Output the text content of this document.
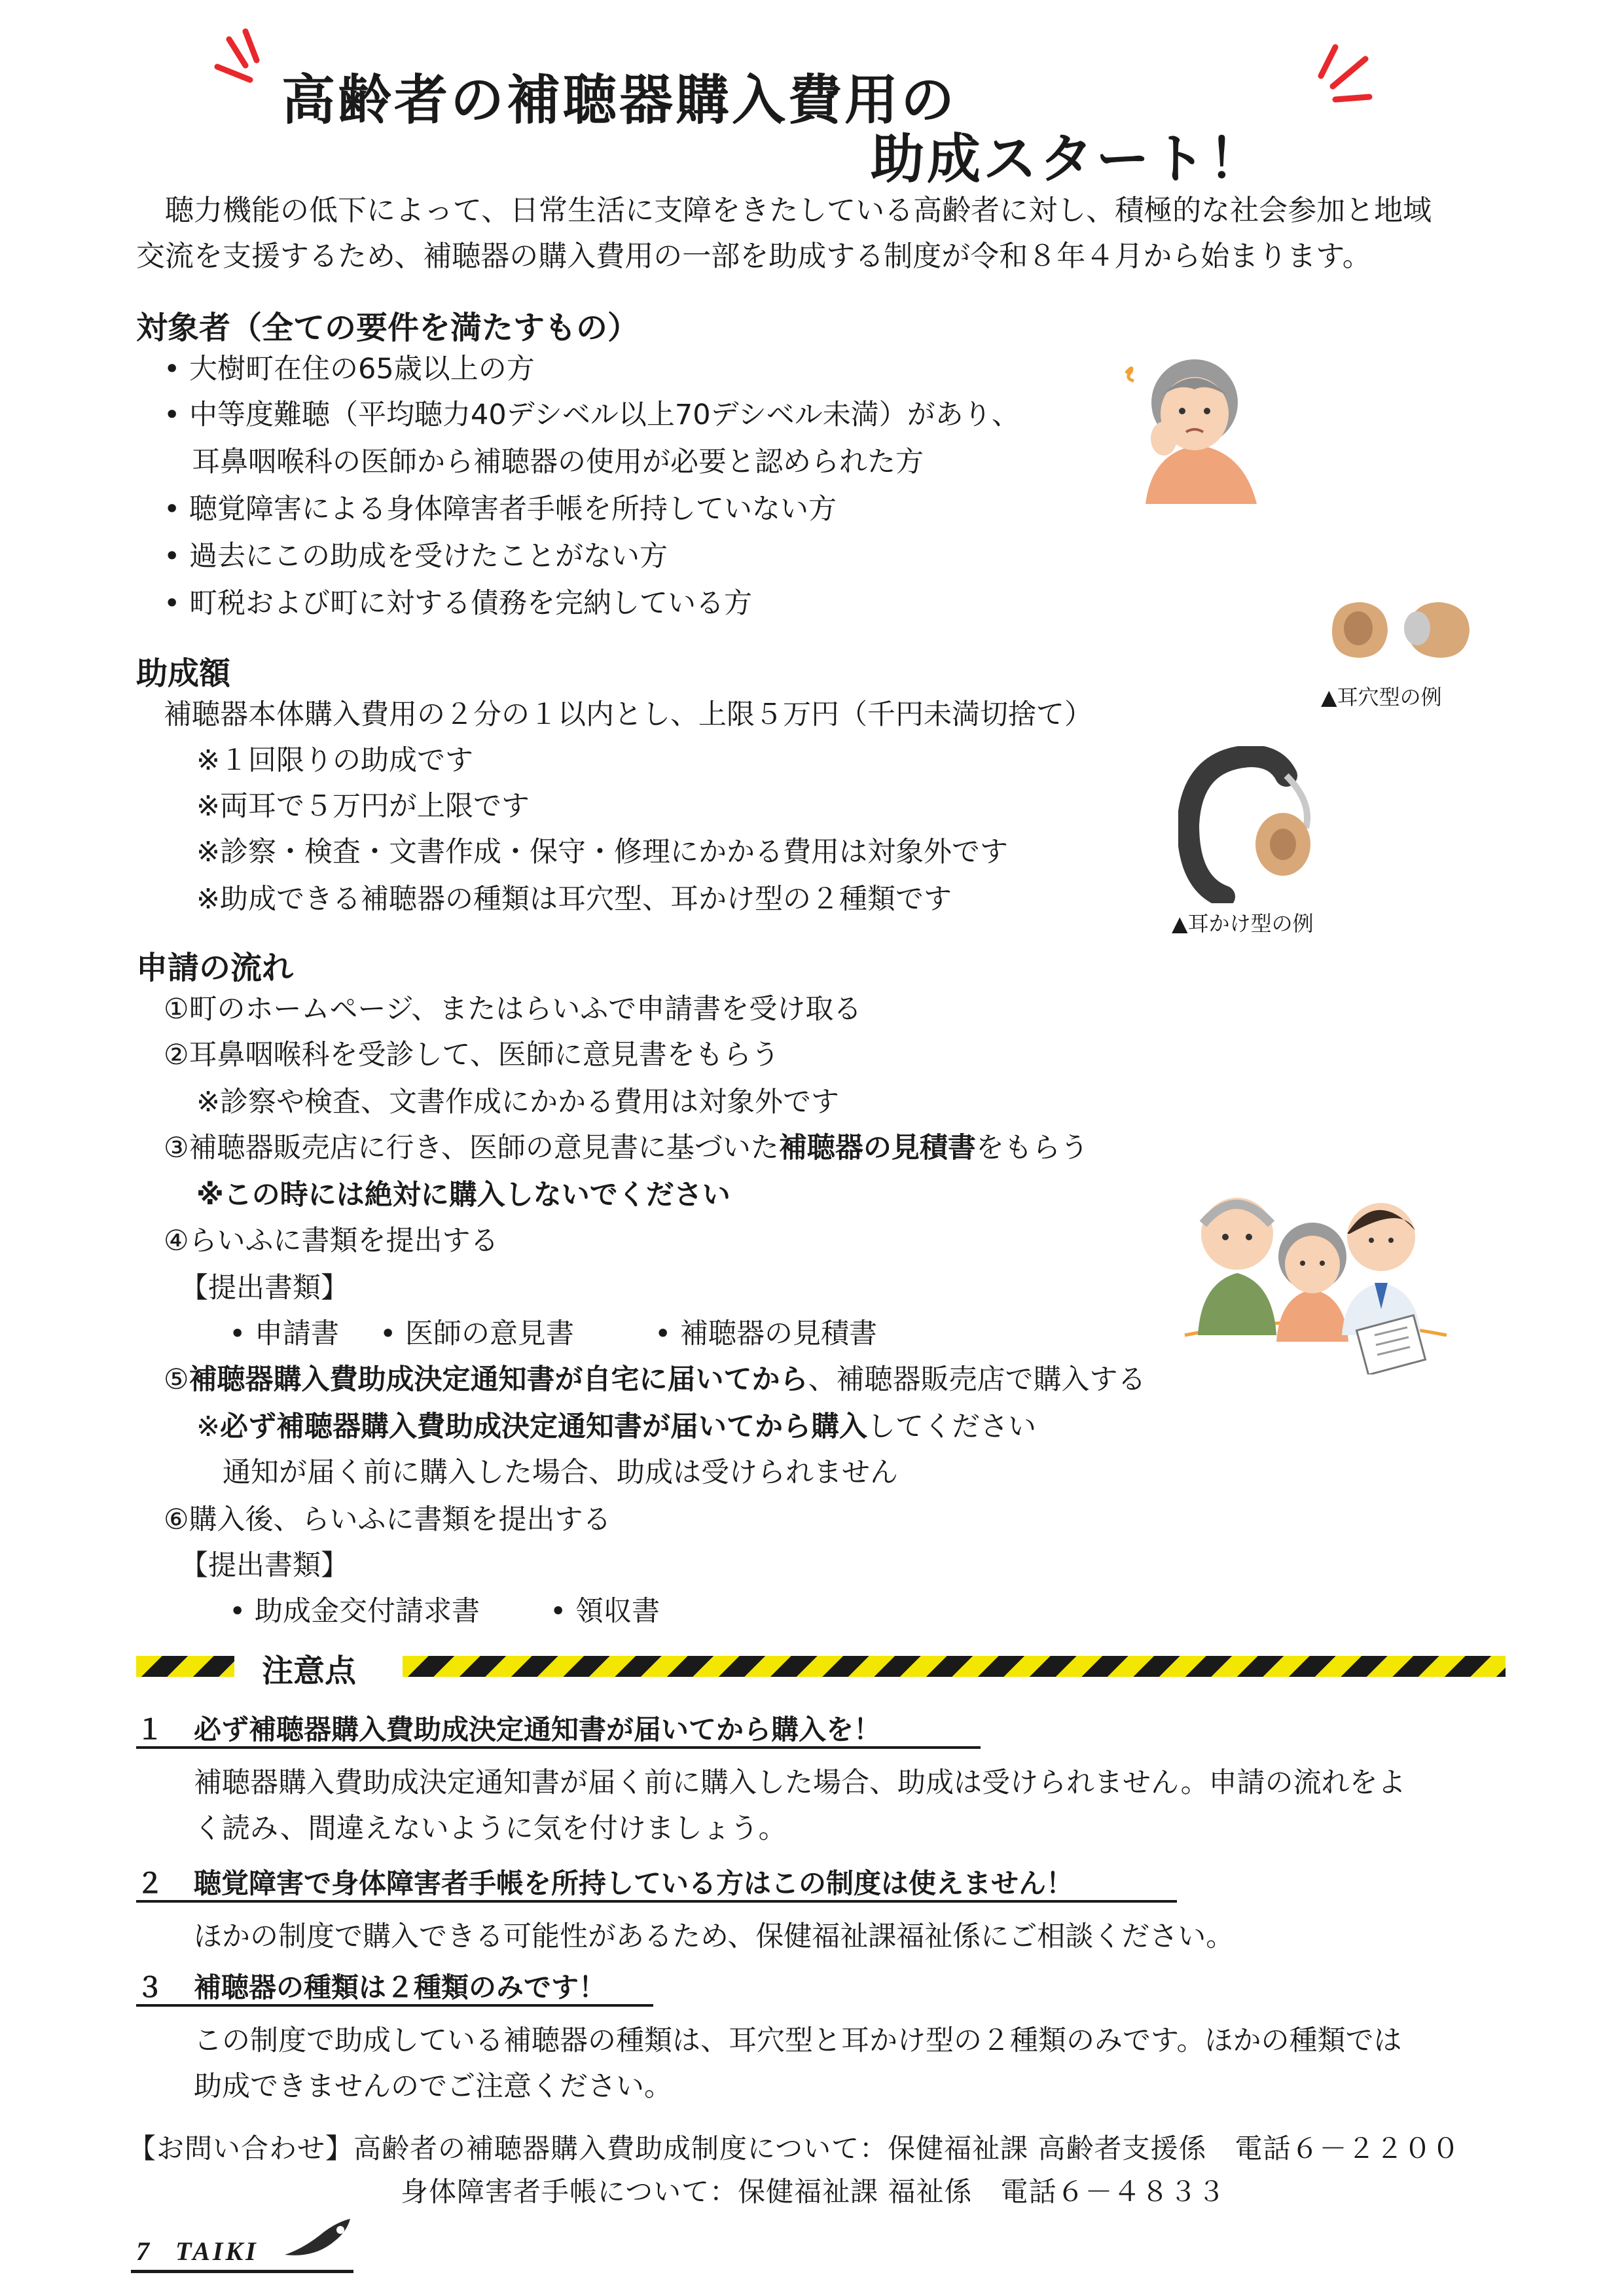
高齢者の補聴器購入費用の
助成スタート！
　聴力機能の低下によって、日常生活に支障をきたしている高齢者に対し、積極的な社会参加と地域
交流を支援するため、補聴器の購入費用の一部を助成する制度が令和８年４月から始まります。
対象者（全ての要件を満たすもの）
• 大樹町在住の65歳以上の方
• 中等度難聴（平均聴力40デシベル以上70デシベル未満）があり、
　耳鼻咽喉科の医師から補聴器の使用が必要と認められた方
• 聴覚障害による身体障害者手帳を所持していない方
• 過去にこの助成を受けたことがない方
• 町税および町に対する債務を完納している方
助成額
補聴器本体購入費用の２分の１以内とし、上限５万円（千円未満切捨て）
※１回限りの助成です
※両耳で５万円が上限です
※診察・検査・文書作成・保守・修理にかかる費用は対象外です
※助成できる補聴器の種類は耳穴型、耳かけ型の２種類です
▲耳穴型の例
▲耳かけ型の例
申請の流れ
①町のホームページ、またはらいふで申請書を受け取る
②耳鼻咽喉科を受診して、医師に意見書をもらう
※診察や検査、文書作成にかかる費用は対象外です
③補聴器販売店に行き、医師の意見書に基づいた補聴器の見積書をもらう
※この時には絶対に購入しないでください
④らいふに書類を提出する
【提出書類】
• 申請書 • 医師の意見書	• 補聴器の見積書
⑤補聴器購入費助成決定通知書が自宅に届いてから、補聴器販売店で購入する
※必ず補聴器購入費助成決定通知書が届いてから購入してください
通知が届く前に購入した場合、助成は受けられません
⑥購入後、らいふに書類を提出する
【提出書類】
• 助成金交付請求書 • 領収書
注意点
１ 必ず補聴器購入費助成決定通知書が届いてから購入を！
補聴器購入費助成決定通知書が届く前に購入した場合、助成は受けられません。申請の流れをよ
く読み、間違えないように気を付けましょう。
２ 聴覚障害で身体障害者手帳を所持している方はこの制度は使えません！
ほかの制度で購入できる可能性があるため、保健福祉課福祉係にご相談ください。
３ 補聴器の種類は２種類のみです！
この制度で助成している補聴器の種類は、耳穴型と耳かけ型の２種類のみです。ほかの種類では
助成できませんのでご注意ください。
【お問い合わせ】高齢者の補聴器購入費助成制度について：保健福祉課 高齢者支援係　電話６－２２００
身体障害者手帳について：保健福祉課 福祉係　電話６－４８３３
7 TAIKI
